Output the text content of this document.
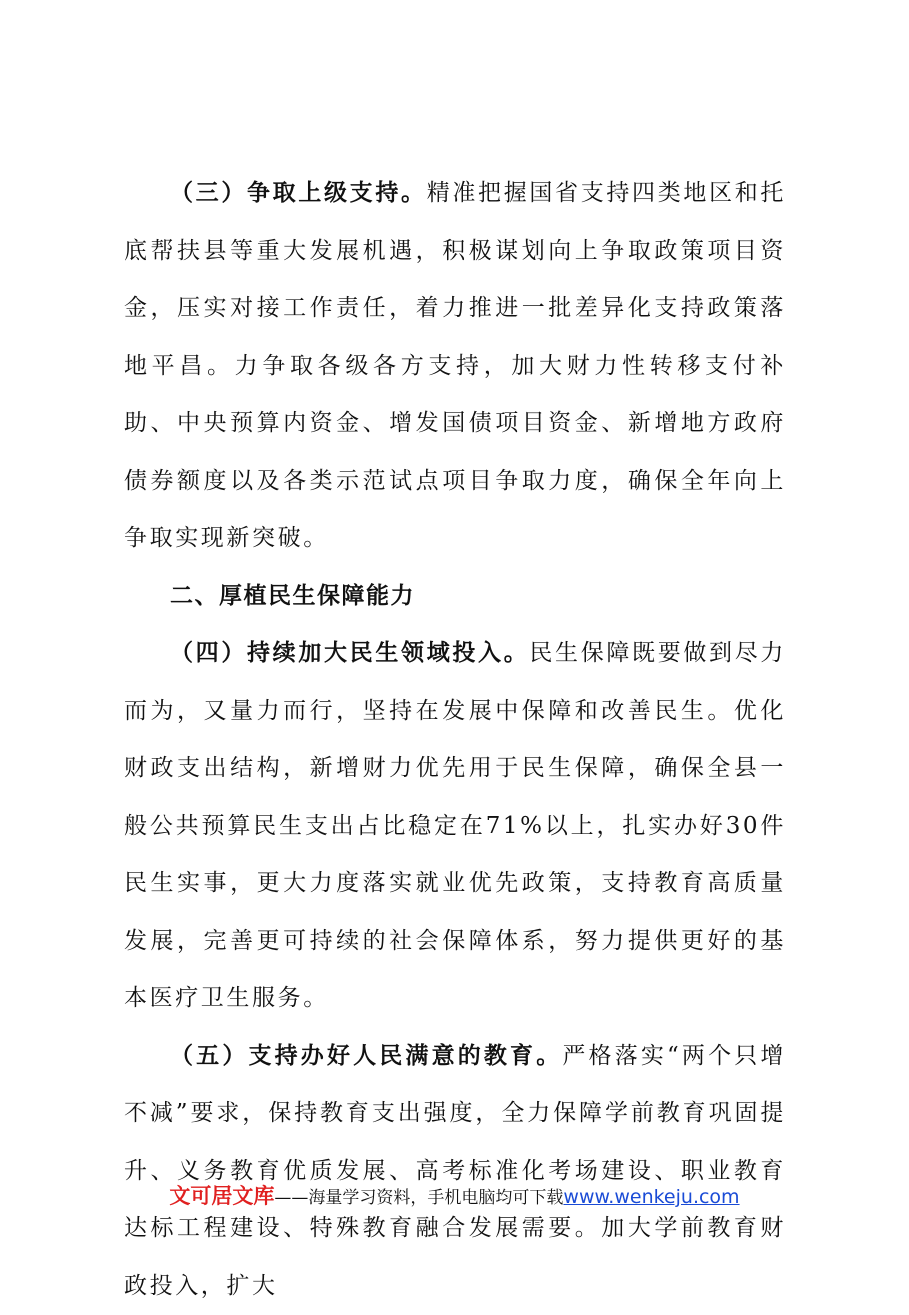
（三）争取上级支持。精准把握国省支持四类地区和托底帮扶县等重大发展机遇，积极谋划向上争取政策项目资金，压实对接工作责任，着力推进一批差异化支持政策落地平昌。力争取各级各方支持，加大财力性转移支付补助、中央预算内资金、增发国债项目资金、新增地方政府债券额度以及各类示范试点项目争取力度，确保全年向上争取实现新突破。

二、厚植民生保障能力

（四）持续加大民生领域投入。民生保障既要做到尽力而为，又量力而行，坚持在发展中保障和改善民生。优化财政支出结构，新增财力优先用于民生保障，确保全县一般公共预算民生支出占比稳定在71%以上，扎实办好30件民生实事，更大力度落实就业优先政策，支持教育高质量发展，完善更可持续的社会保障体系，努力提供更好的基本医疗卫生服务。

（五）支持办好人民满意的教育。严格落实“两个只增不减”要求，保持教育支出强度，全力保障学前教育巩固提升、义务教育优质发展、高考标准化考场建设、职业教育达标工程建设、特殊教育融合发展需要。加大学前教育财政投入，扩大

文可居文库——海量学习资料，手机电脑均可下载www.wenkeju.com
